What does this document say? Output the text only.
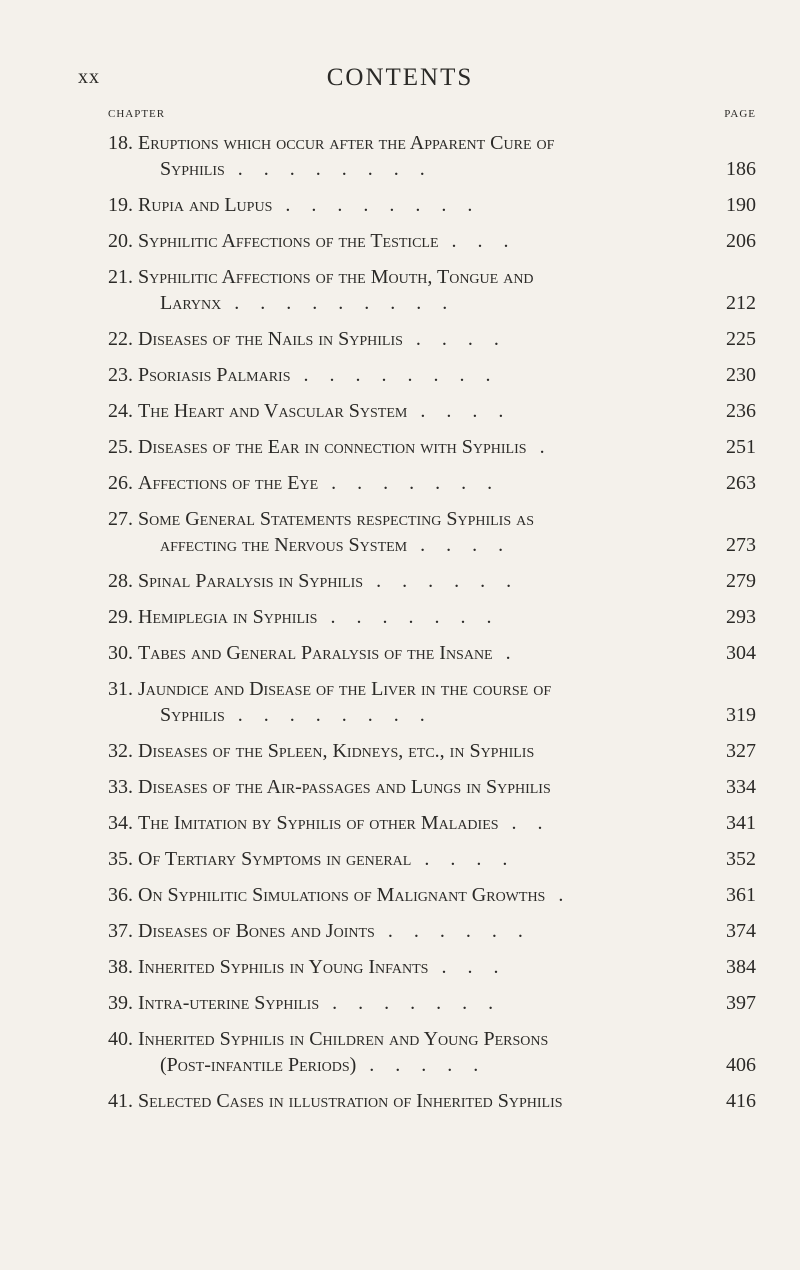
xx	CONTENTS
CHAPTER	PAGE
18. Eruptions which occur after the Apparent Cure of
Syphilis . . . . . . . .	186
19. Rupia and Lupus . . . . . . . .	190
20. Syphilitic Affections of the Testicle . . .	206
21. Syphilitic Affections of the Mouth, Tongue and
Larynx . . . . . . . . .	212
22. Diseases of the Nails in Syphilis . . . .	225
23. Psoriasis Palmaris . . . . . . . .	230
24. The Heart and Vascular System . . . .	236
25. Diseases of the Ear in connection with Syphilis .	251
26. Affections of the Eye . . . . . . .	263
27. Some General Statements respecting Syphilis as
affecting the Nervous System . . . .	273
28. Spinal Paralysis in Syphilis . . . . . .	279
29. Hemiplegia in Syphilis . . . . . . .	293
30. Tabes and General Paralysis of the Insane .	304
31. Jaundice and Disease of the Liver in the course of
Syphilis . . . . . . . .	319
32. Diseases of the Spleen, Kidneys, etc., in Syphilis	327
33. Diseases of the Air-passages and Lungs in Syphilis	334
34. The Imitation by Syphilis of other Maladies . .	341
35. Of Tertiary Symptoms in general . . . .	352
36. On Syphilitic Simulations of Malignant Growths .	361
37. Diseases of Bones and Joints . . . . . .	374
38. Inherited Syphilis in Young Infants . . .	384
39. Intra-uterine Syphilis . . . . . . .	397
40. Inherited Syphilis in Children and Young Persons
(Post-infantile Periods) . . . . .	406
41. Selected Cases in illustration of Inherited Syphilis	416
